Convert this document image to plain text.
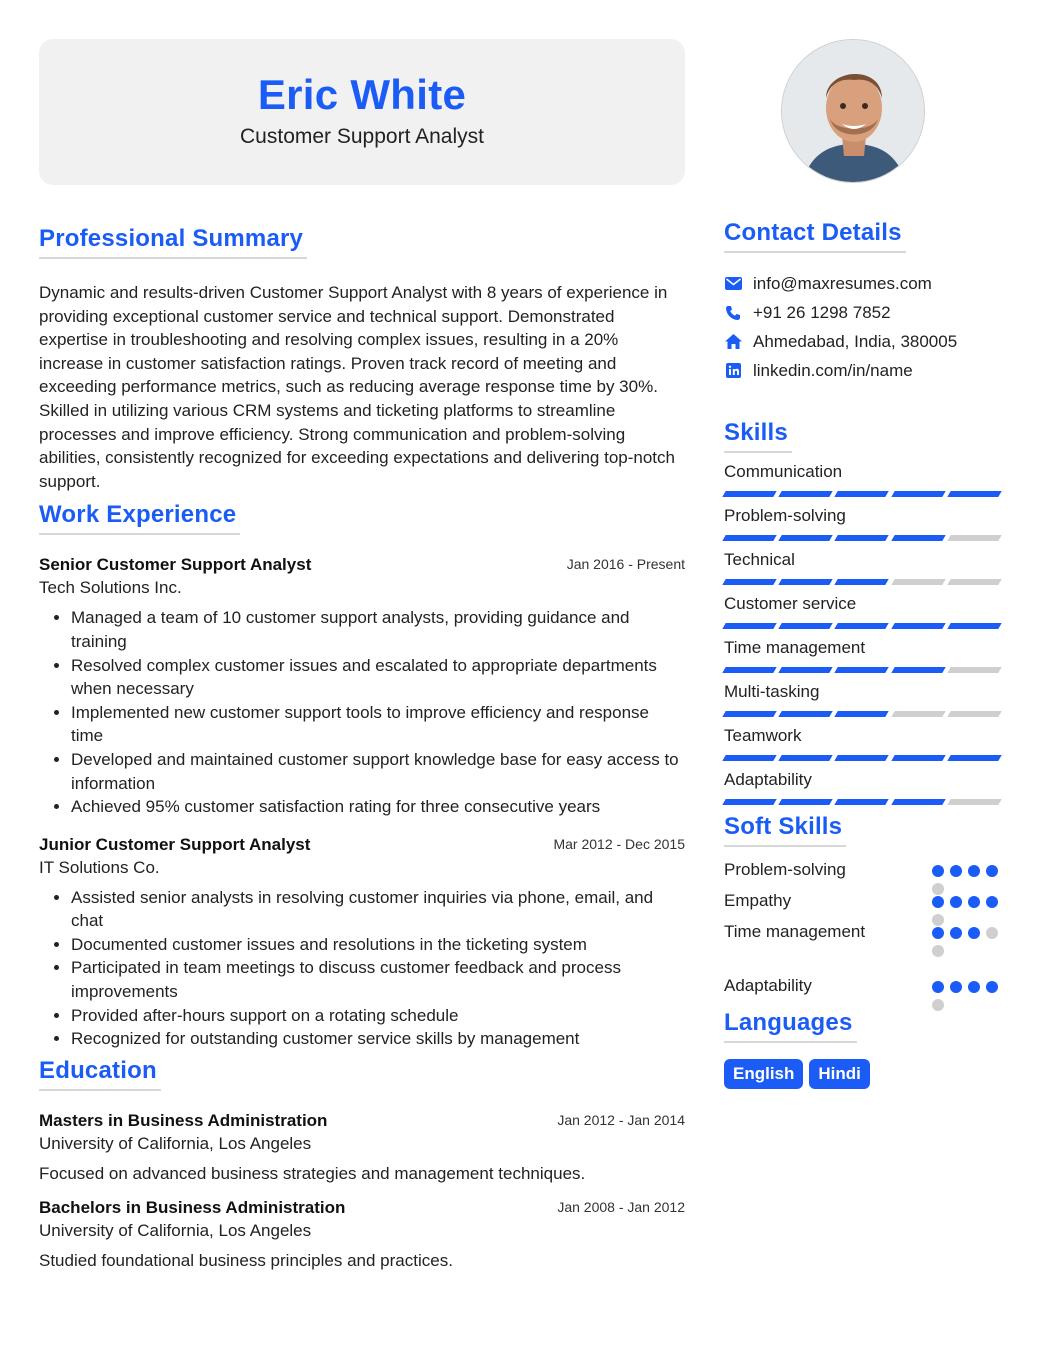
Eric White
Customer Support Analyst
Professional Summary
Dynamic and results-driven Customer Support Analyst with 8 years of experience in providing exceptional customer service and technical support. Demonstrated expertise in troubleshooting and resolving complex issues, resulting in a 20% increase in customer satisfaction ratings. Proven track record of meeting and exceeding performance metrics, such as reducing average response time by 30%. Skilled in utilizing various CRM systems and ticketing platforms to streamline processes and improve efficiency. Strong communication and problem-solving abilities, consistently recognized for exceeding expectations and delivering top-notch support.
Work Experience
Senior Customer Support Analyst	Jan 2016 - Present
Tech Solutions Inc.
• Managed a team of 10 customer support analysts, providing guidance and training
• Resolved complex customer issues and escalated to appropriate departments when necessary
• Implemented new customer support tools to improve efficiency and response time
• Developed and maintained customer support knowledge base for easy access to information
• Achieved 95% customer satisfaction rating for three consecutive years
Junior Customer Support Analyst	Mar 2012 - Dec 2015
IT Solutions Co.
• Assisted senior analysts in resolving customer inquiries via phone, email, and chat
• Documented customer issues and resolutions in the ticketing system
• Participated in team meetings to discuss customer feedback and process improvements
• Provided after-hours support on a rotating schedule
• Recognized for outstanding customer service skills by management
Education
Masters in Business Administration	Jan 2012 - Jan 2014
University of California, Los Angeles
Focused on advanced business strategies and management techniques.
Bachelors in Business Administration	Jan 2008 - Jan 2012
University of California, Los Angeles
Studied foundational business principles and practices.
Contact Details
info@maxresumes.com
+91 26 1298 7852
Ahmedabad, India, 380005
linkedin.com/in/name
Skills
Communication
Problem-solving
Technical
Customer service
Time management
Multi-tasking
Teamwork
Adaptability
Soft Skills
Problem-solving
Empathy
Time management
Adaptability
Languages
English	Hindi
